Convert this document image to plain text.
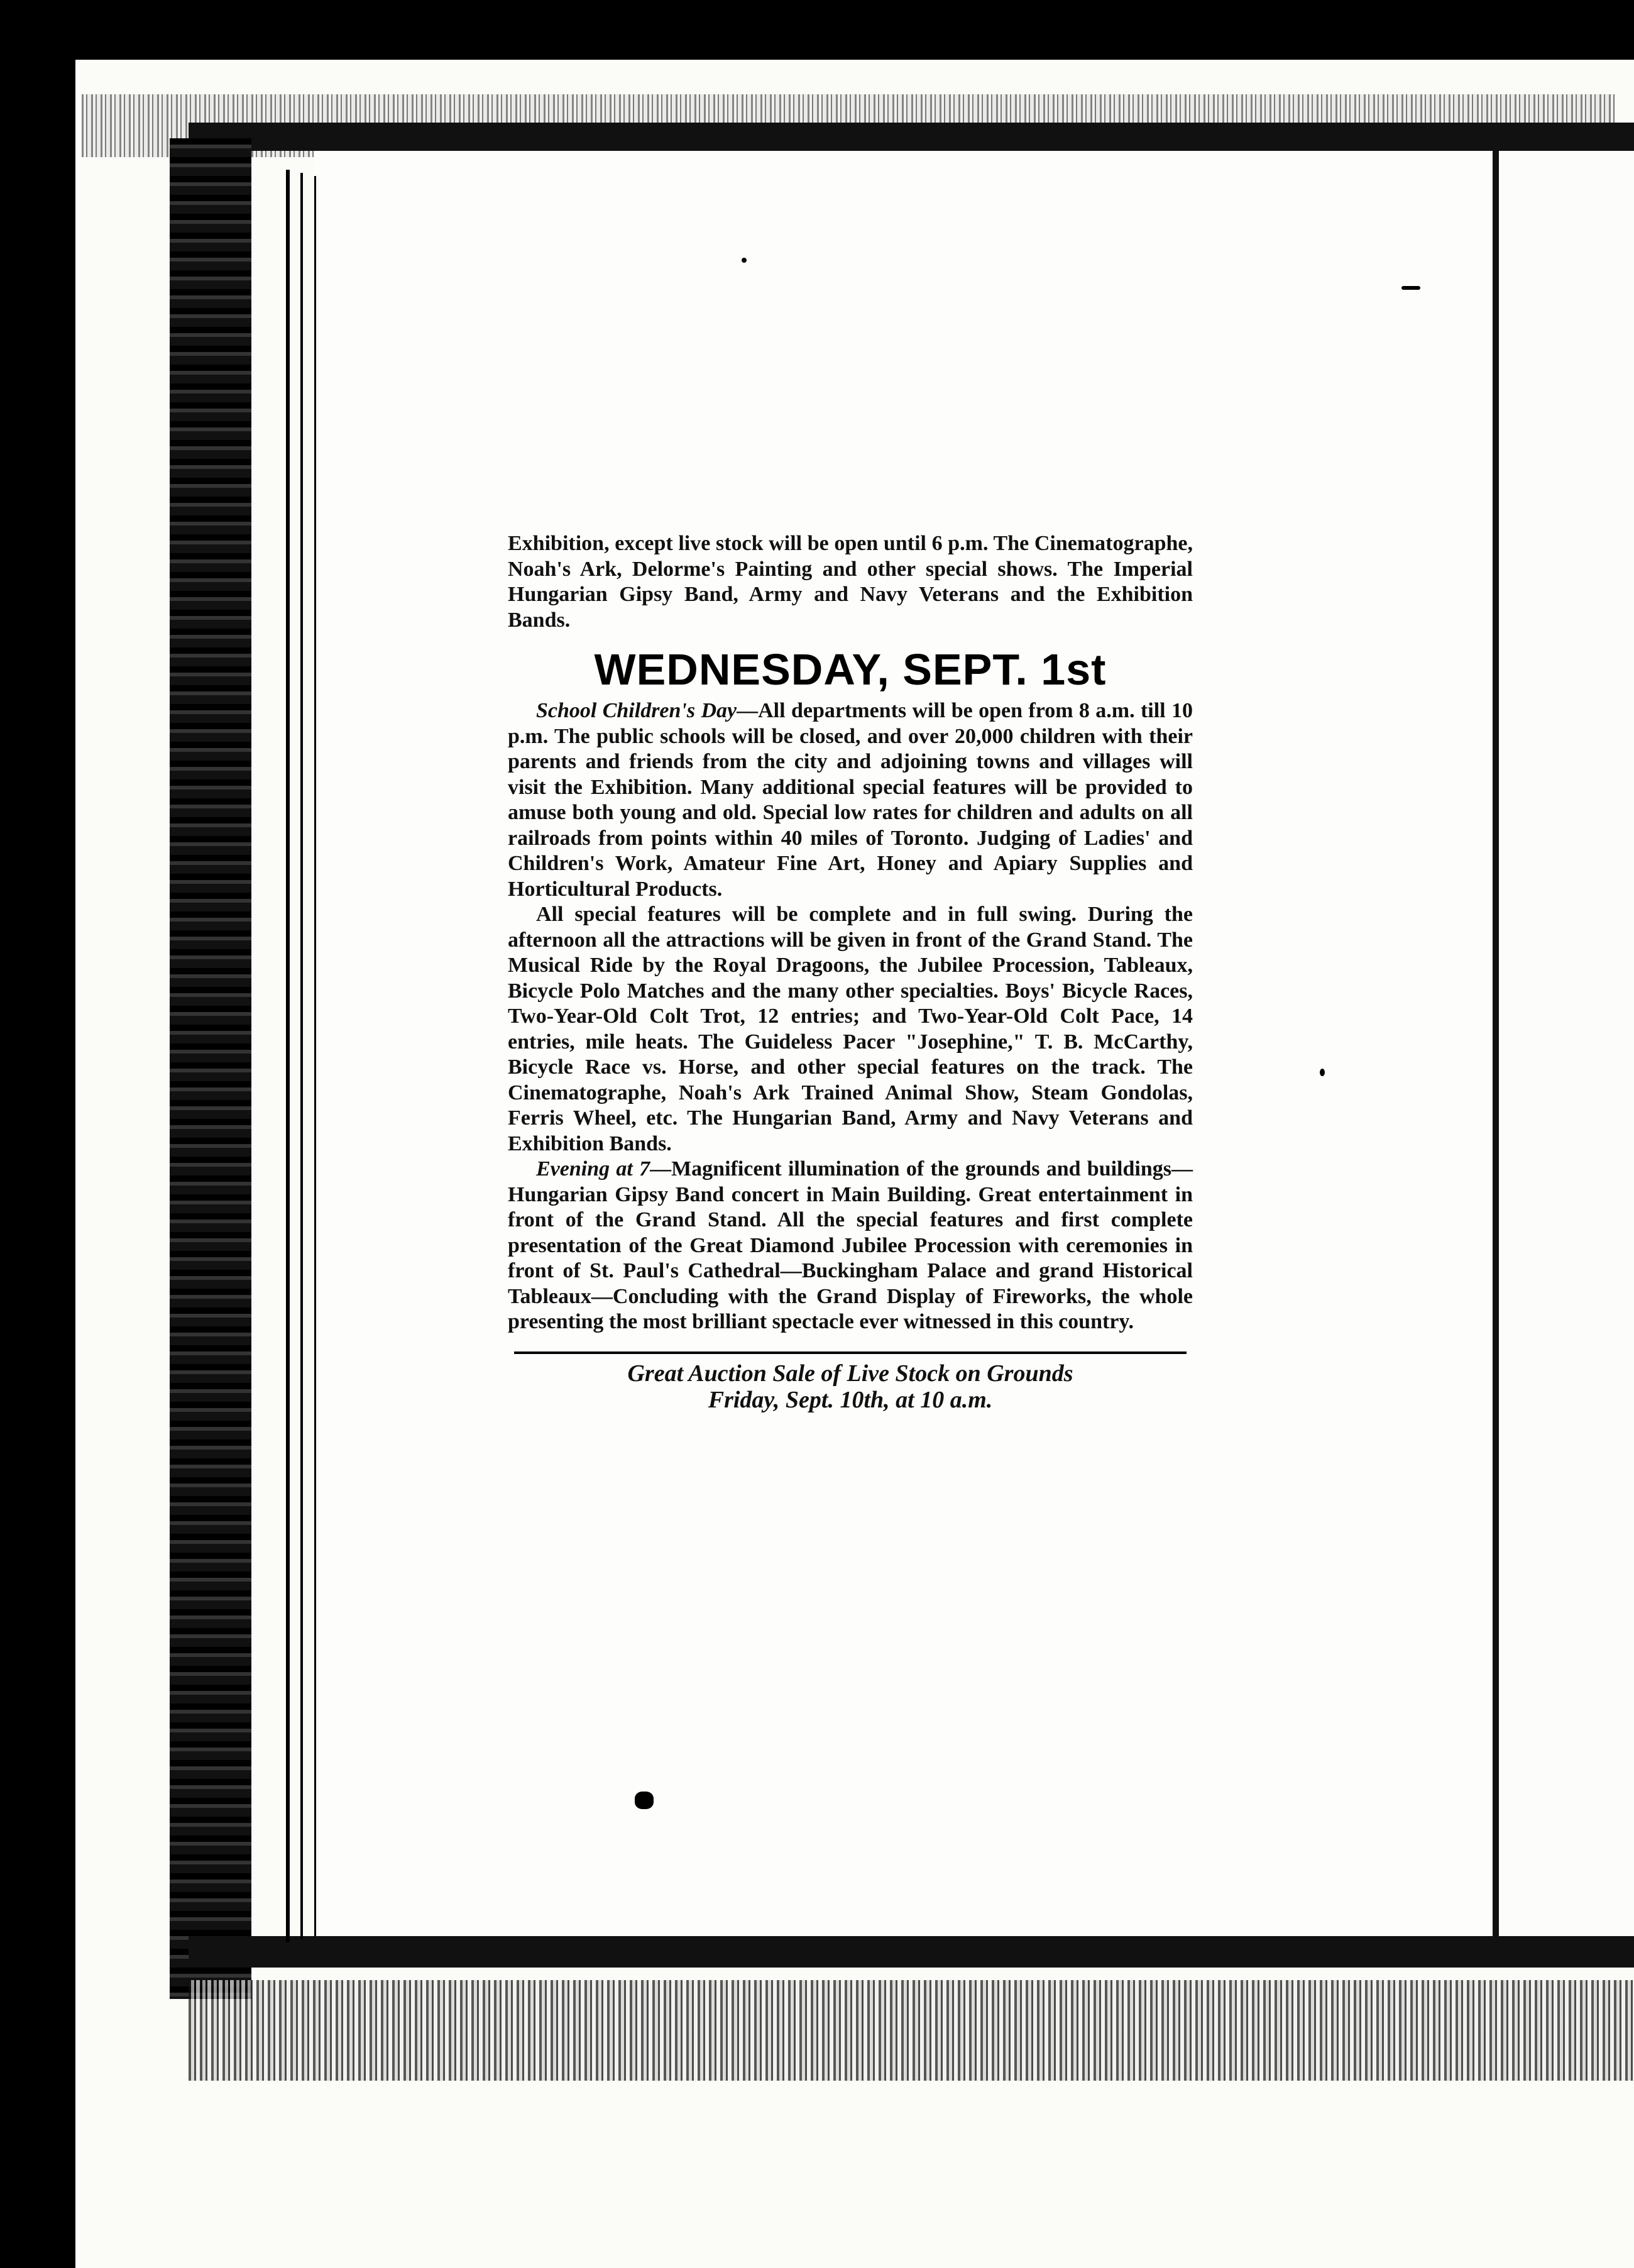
Exhibition, except live stock will be open until 6 p.m. The Cinematographe, Noah's Ark, Delorme's Painting and other special shows. The Imperial Hungarian Gipsy Band, Army and Navy Veterans and the Exhibition Bands.

WEDNESDAY, SEPT. 1st

School Children's Day—All departments will be open from 8 a.m. till 10 p.m. The public schools will be closed, and over 20,000 children with their parents and friends from the city and adjoining towns and villages will visit the Exhibition. Many additional special features will be provided to amuse both young and old. Special low rates for children and adults on all railroads from points within 40 miles of Toronto. Judging of Ladies' and Children's Work, Amateur Fine Art, Honey and Apiary Supplies and Horticultural Products.

All special features will be complete and in full swing. During the afternoon all the attractions will be given in front of the Grand Stand. The Musical Ride by the Royal Dragoons, the Jubilee Procession, Tableaux, Bicycle Polo Matches and the many other specialties. Boys' Bicycle Races, Two-Year-Old Colt Trot, 12 entries; and Two-Year-Old Colt Pace, 14 entries, mile heats. The Guideless Pacer "Josephine," T. B. McCarthy, Bicycle Race vs. Horse, and other special features on the track. The Cinematographe, Noah's Ark Trained Animal Show, Steam Gondolas, Ferris Wheel, etc. The Hungarian Band, Army and Navy Veterans and Exhibition Bands.

Evening at 7—Magnificent illumination of the grounds and buildings—Hungarian Gipsy Band concert in Main Building. Great entertainment in front of the Grand Stand. All the special features and first complete presentation of the Great Diamond Jubilee Procession with ceremonies in front of St. Paul's Cathedral—Buckingham Palace and grand Historical Tableaux—Concluding with the Grand Display of Fireworks, the whole presenting the most brilliant spectacle ever witnessed in this country.

Great Auction Sale of Live Stock on Grounds
Friday, Sept. 10th, at 10 a.m.
